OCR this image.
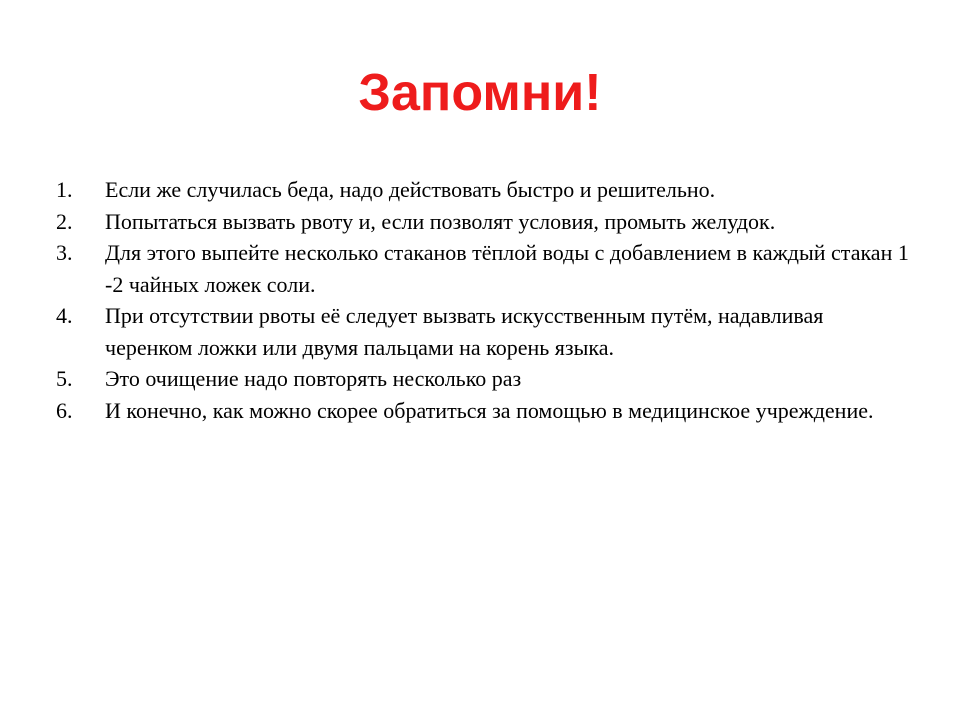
Запомни!
1.	Если же случилась беда, надо действовать быстро и решительно.
2.	Попытаться вызвать рвоту и, если позволят условия, промыть желудок.
3.	Для этого выпейте несколько стаканов тёплой воды с добавлением в каждый стакан 1 -2 чайных ложек соли.
4.	При отсутствии рвоты её следует вызвать искусственным путём, надавливая черенком ложки или двумя пальцами на корень языка.
5.	Это очищение надо повторять несколько раз
6.	И конечно, как можно скорее обратиться за помощью в медицинское учреждение.
